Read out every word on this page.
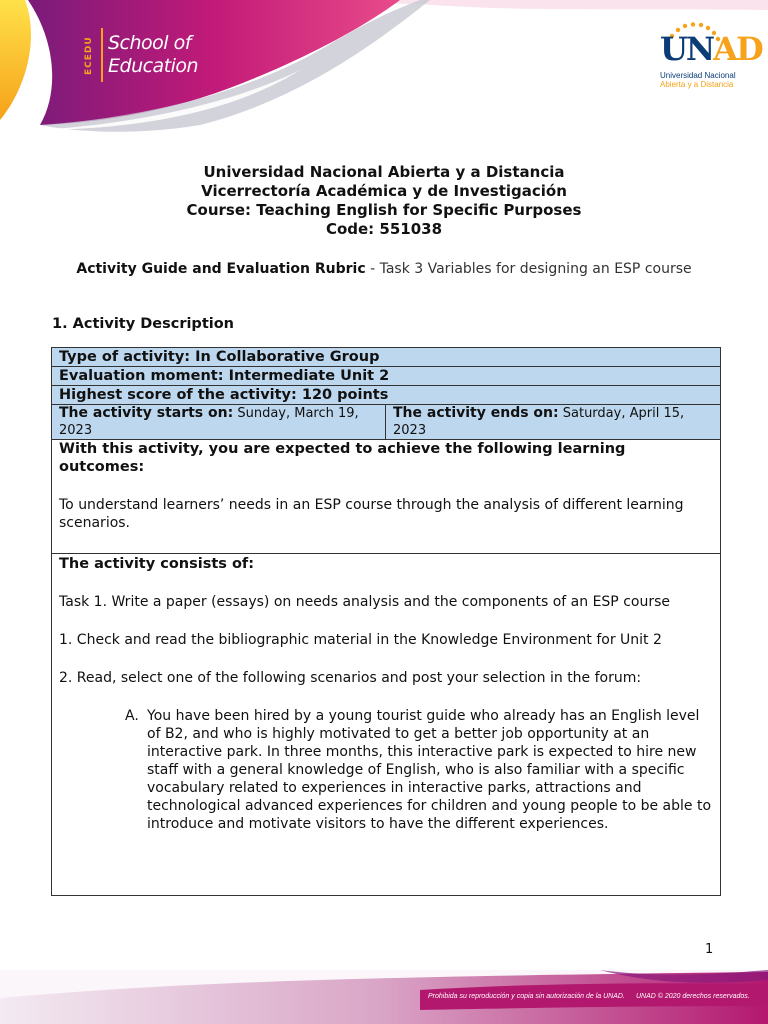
ECEDU School of
Education	UNAD
Universidad Nacional
Abierta y a Distancia
Universidad Nacional Abierta y a Distancia
Vicerrectoría Académica y de Investigación
Course: Teaching English for Specific Purposes
Code: 551038
Activity Guide and Evaluation Rubric - Task 3 Variables for designing an ESP course
1. Activity Description
Type of activity: In Collaborative Group
Evaluation moment: Intermediate Unit 2
Highest score of the activity: 120 points
The activity starts on: Sunday, March 19, 2023
The activity ends on: Saturday, April 15, 2023

With this activity, you are expected to achieve the following learning outcomes:

To understand learners’ needs in an ESP course through the analysis of different learning scenarios.

The activity consists of:

Task 1. Write a paper (essays) on needs analysis and the components of an ESP course

1. Check and read the bibliographic material in the Knowledge Environment for Unit 2

2. Read, select one of the following scenarios and post your selection in the forum:

A. You have been hired by a young tourist guide who already has an English level of B2, and who is highly motivated to get a better job opportunity at an interactive park. In three months, this interactive park is expected to hire new staff with a general knowledge of English, who is also familiar with a specific vocabulary related to experiences in interactive parks, attractions and technological advanced experiences for children and young people to be able to introduce and motivate visitors to have the different experiences.
1
Prohibida su reproducción y copia sin autorización de la UNAD. UNAD © 2020 derechos reservados.
